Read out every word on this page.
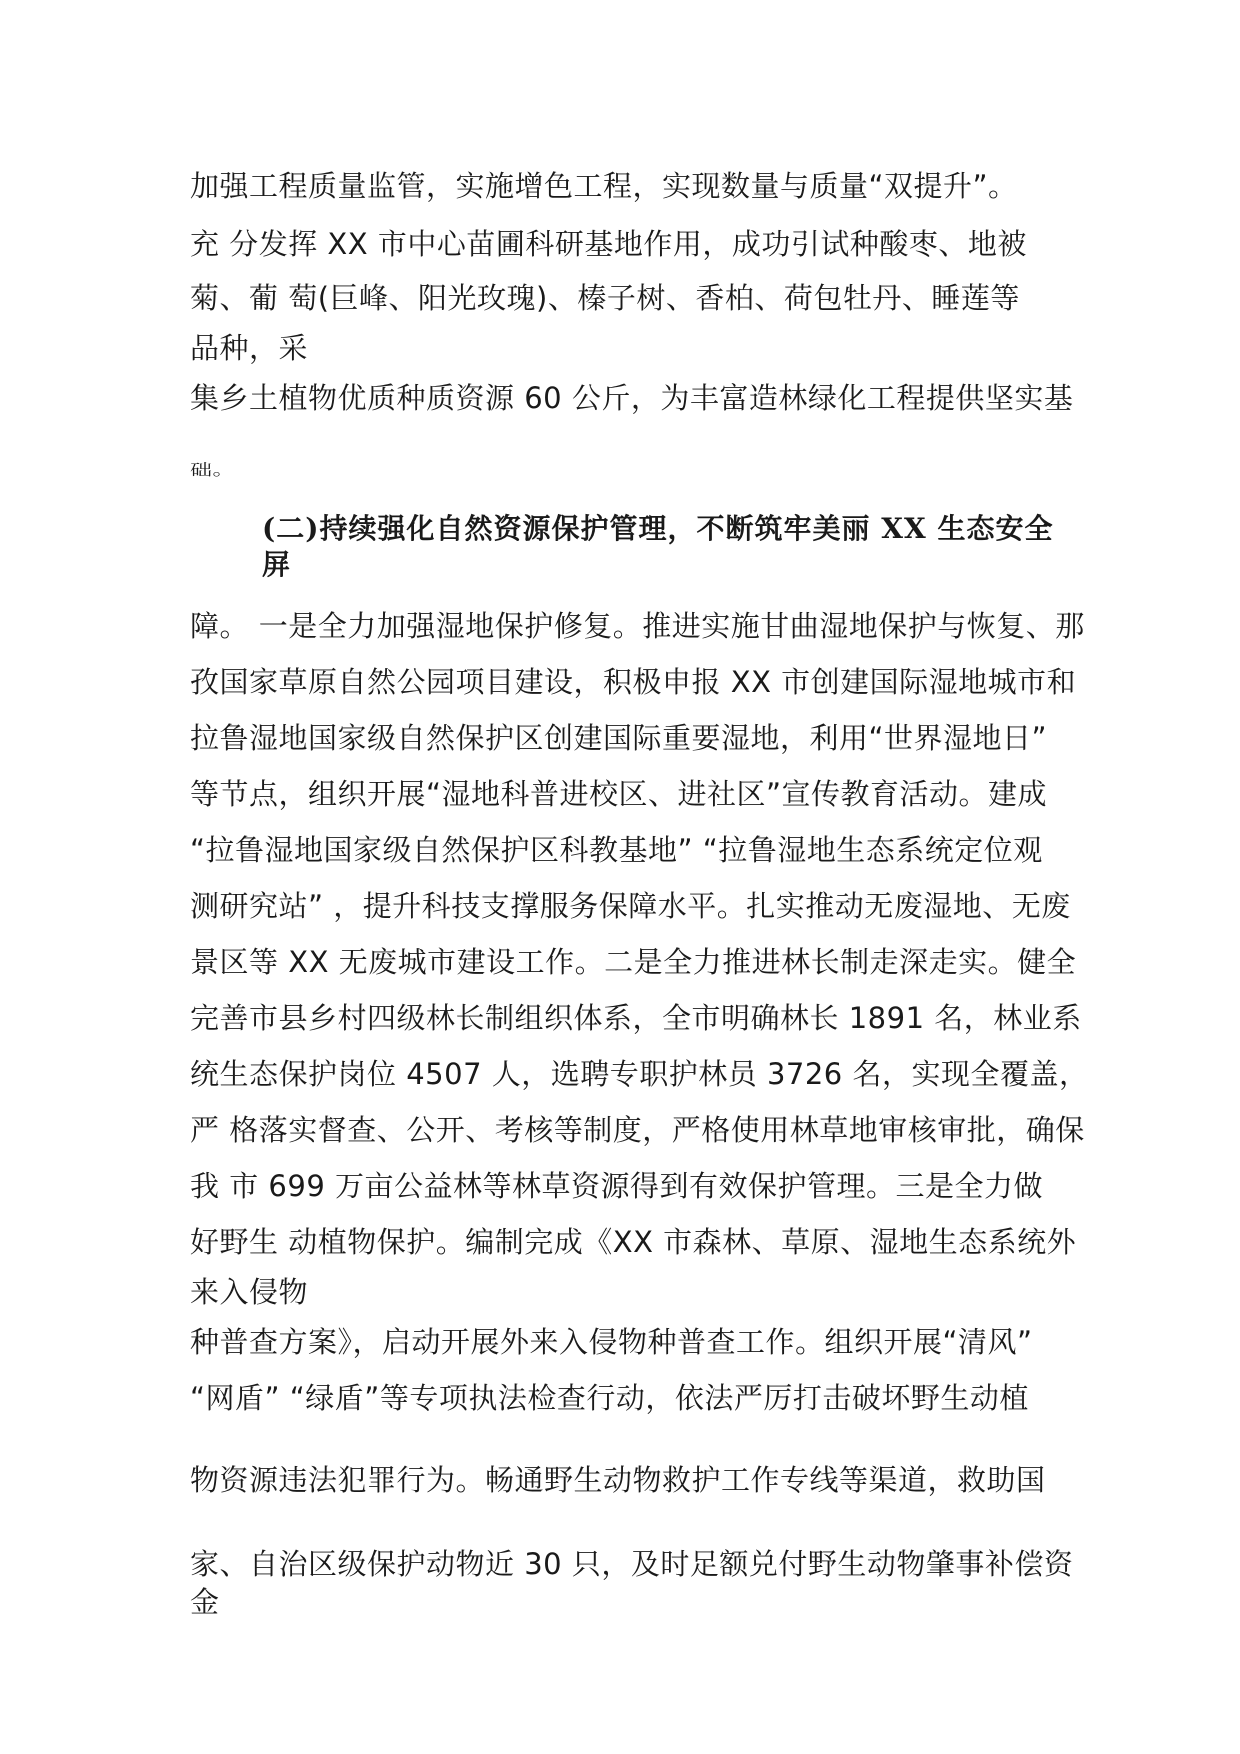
加强工程质量监管，实施增色工程，实现数量与质量“双提升”。
充 分发挥 XX 市中心苗圃科研基地作用，成功引试种酸枣、地被
菊、葡 萄(巨峰、阳光玫瑰)、榛子树、香柏、荷包牡丹、睡莲等
品种，采
集乡土植物优质种质资源 60 公斤，为丰富造林绿化工程提供坚实基
础。
(二)持续强化自然资源保护管理，不断筑牢美丽 XX 生态安全
屏
障。 一是全力加强湿地保护修复。推进实施甘曲湿地保护与恢复、那
孜国家草原自然公园项目建设，积极申报 XX 市创建国际湿地城市和
拉鲁湿地国家级自然保护区创建国际重要湿地，利用“世界湿地日”
等节点，组织开展“湿地科普进校区、进社区”宣传教育活动。建成
“拉鲁湿地国家级自然保护区科教基地” “拉鲁湿地生态系统定位观
测研究站” ，提升科技支撑服务保障水平。扎实推动无废湿地、无废
景区等 XX 无废城市建设工作。二是全力推进林长制走深走实。健全
完善市县乡村四级林长制组织体系，全市明确林长 1891 名，林业系
统生态保护岗位 4507 人，选聘专职护林员 3726 名，实现全覆盖，
严 格落实督查、公开、考核等制度，严格使用林草地审核审批，确保
我 市 699 万亩公益林等林草资源得到有效保护管理。三是全力做
好野生 动植物保护。编制完成《XX 市森林、草原、湿地生态系统外
来入侵物
种普查方案》，启动开展外来入侵物种普查工作。组织开展“清风”
“网盾” “绿盾”等专项执法检查行动，依法严厉打击破坏野生动植
物资源违法犯罪行为。畅通野生动物救护工作专线等渠道，救助国
家、自治区级保护动物近 30 只，及时足额兑付野生动物肇事补偿资
金
